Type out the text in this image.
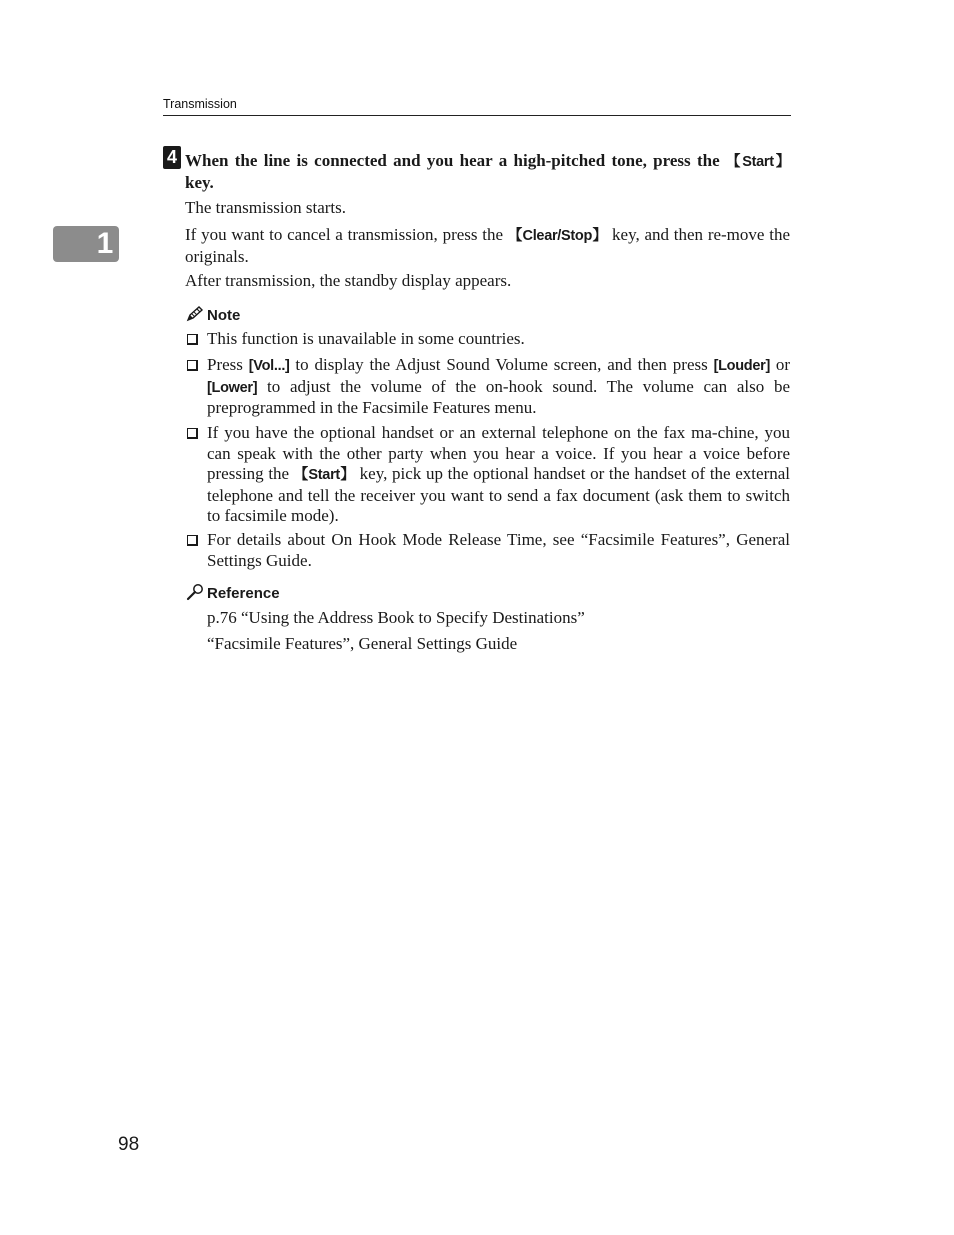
Transmission
1
4 When the line is connected and you hear a high-pitched tone, press the 【Start】 key.
The transmission starts.
If you want to cancel a transmission, press the 【Clear/Stop】 key, and then re-move the originals.
After transmission, the standby display appears.
Note
This function is unavailable in some countries.
Press [Vol...] to display the Adjust Sound Volume screen, and then press [Louder] or [Lower] to adjust the volume of the on-hook sound. The volume can also be preprogrammed in the Facsimile Features menu.
If you have the optional handset or an external telephone on the fax ma-chine, you can speak with the other party when you hear a voice. If you hear a voice before pressing the 【Start】 key, pick up the optional handset or the handset of the external telephone and tell the receiver you want to send a fax document (ask them to switch to facsimile mode).
For details about On Hook Mode Release Time, see “Facsimile Features”, General Settings Guide.
Reference
p.76 “Using the Address Book to Specify Destinations”
“Facsimile Features”, General Settings Guide
98
